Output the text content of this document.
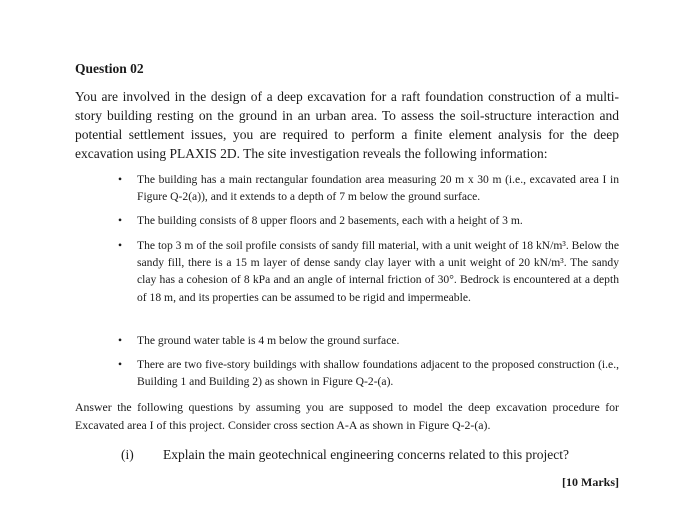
Question 02

You are involved in the design of a deep excavation for a raft foundation construction of a multi-story building resting on the ground in an urban area. To assess the soil-structure interaction and potential settlement issues, you are required to perform a finite element analysis for the deep excavation using PLAXIS 2D. The site investigation reveals the following information:

• The building has a main rectangular foundation area measuring 20 m x 30 m (i.e., excavated area I in Figure Q-2(a)), and it extends to a depth of 7 m below the ground surface.
• The building consists of 8 upper floors and 2 basements, each with a height of 3 m.
• The top 3 m of the soil profile consists of sandy fill material, with a unit weight of 18 kN/m³. Below the sandy fill, there is a 15 m layer of dense sandy clay layer with a unit weight of 20 kN/m³. The sandy clay has a cohesion of 8 kPa and an angle of internal friction of 30°. Bedrock is encountered at a depth of 18 m, and its properties can be assumed to be rigid and impermeable.
• The ground water table is 4 m below the ground surface.
• There are two five-story buildings with shallow foundations adjacent to the proposed construction (i.e., Building 1 and Building 2) as shown in Figure Q-2-(a).

Answer the following questions by assuming you are supposed to model the deep excavation procedure for Excavated area I of this project. Consider cross section A-A as shown in Figure Q-2-(a).

(i) Explain the main geotechnical engineering concerns related to this project?
[10 Marks]
